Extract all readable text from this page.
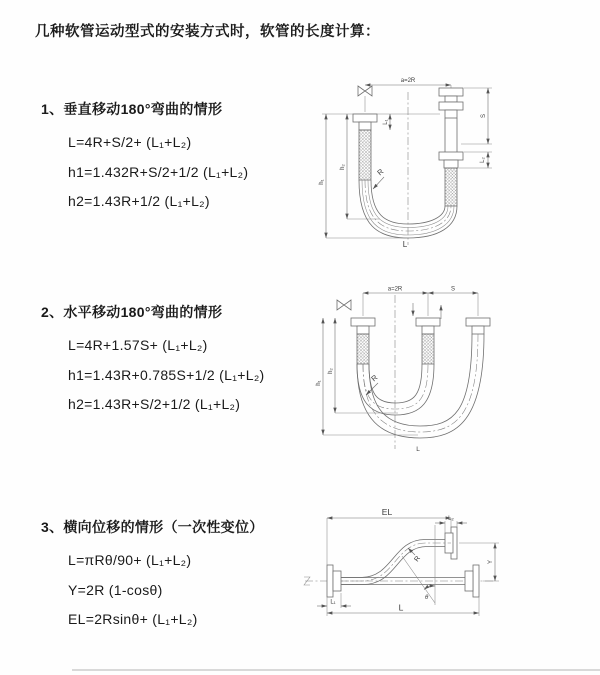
几种软管运动型式的安装方式时，软管的长度计算：
1、垂直移动180°弯曲的情形
L=4R+S/2+ (L₁+L₂)
h1=1.432R+S/2+1/2 (L₁+L₂)
h2=1.43R+1/2 (L₁+L₂)
2、水平移动180°弯曲的情形
L=4R+1.57S+ (L₁+L₂)
h1=1.43R+0.785S+1/2 (L₁+L₂)
h2=1.43R+S/2+1/2 (L₁+L₂)
3、横向位移的情形（一次性变位）
L=πRθ/90+ (L₁+L₂)
Y=2R (1-cosθ)
EL=2Rsinθ+ (L₁+L₂)
a=2R
h₁
h₂
L₁
S
L₂
R
L
a=2R	S
h₁
h₂
R
L
EL
L₂
Y
L
L₁
θ
R
